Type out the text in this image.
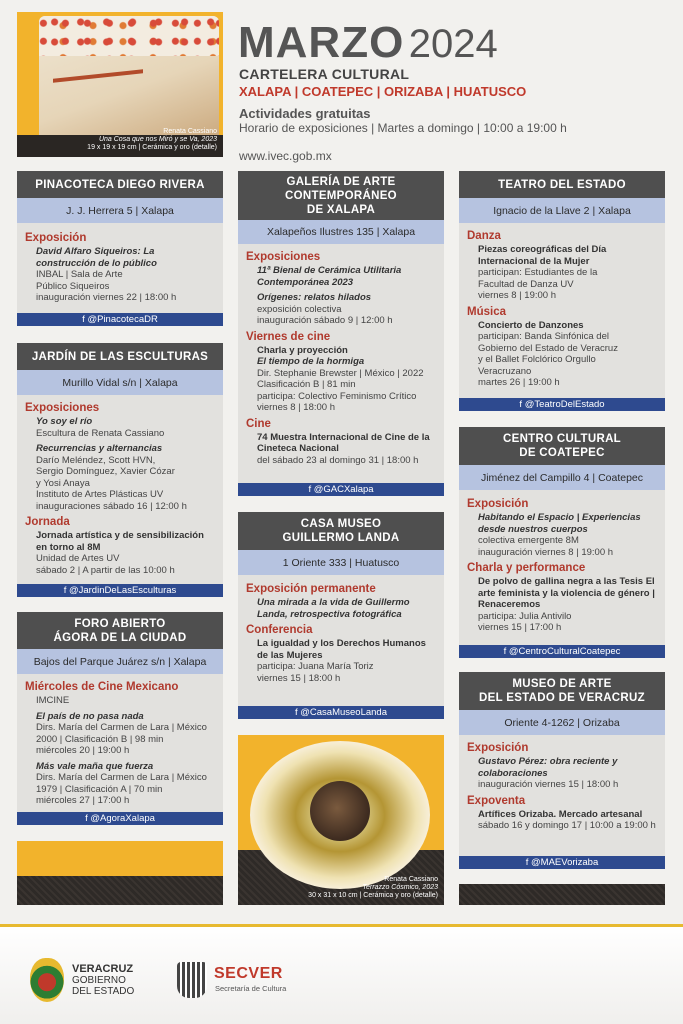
Renata Cassiano
Una Cosa que nos Miró y se Va, 2023
19 x 19 x 19 cm | Cerámica y oro (detalle)
MARZO 2024
CARTELERA CULTURAL
XALAPA | COATEPEC | ORIZABA | HUATUSCO
Actividades gratuitas
Horario de exposiciones | Martes a domingo | 10:00 a 19:00 h
www.ivec.gob.mx
PINACOTECA DIEGO RIVERA
J. J. Herrera 5 | Xalapa
Exposición
David Alfaro Siqueiros: La construcción de lo público
INBAL | Sala de Arte
Público Siqueiros
inauguración viernes 22 | 18:00 h
f @PinacotecaDR
JARDÍN DE LAS ESCULTURAS
Murillo Vidal s/n | Xalapa
Exposiciones
Yo soy el río
Escultura de Renata Cassiano
Recurrencias y alternancias
Darío Meléndez, Scott HVN,
Sergio Domínguez, Xavier Cózar
y Yosi Anaya
Instituto de Artes Plásticas UV
inauguraciones sábado 16 | 12:00 h
Jornada
Jornada artística y de sensibilización en torno al 8M
Unidad de Artes UV
sábado 2 | A partir de las 10:00 h
f @JardinDeLasEsculturas
FORO ABIERTO
ÁGORA DE LA CIUDAD
Bajos del Parque Juárez s/n | Xalapa
Miércoles de Cine Mexicano
IMCINE
El país de no pasa nada
Dirs. María del Carmen de Lara | México
2000 | Clasificación B | 98 min
miércoles 20 | 19:00 h
Más vale maña que fuerza
Dirs. María del Carmen de Lara | México
1979 | Clasificación A | 70 min
miércoles 27 | 17:00 h
f @AgoraXalapa
GALERÍA DE ARTE
CONTEMPORÁNEO
DE XALAPA
Xalapeños Ilustres 135 | Xalapa
Exposiciones
11ª Bienal de Cerámica Utilitaria Contemporánea 2023
Orígenes: relatos hilados
exposición colectiva
inauguración sábado 9 | 12:00 h
Viernes de cine
Charla y proyección
El tiempo de la hormiga
Dir. Stephanie Brewster | México | 2022
Clasificación B | 81 min
participa: Colectivo Feminismo Crítico
viernes 8 | 18:00 h
Cine
74 Muestra Internacional de Cine de la Cineteca Nacional
del sábado 23 al domingo 31 | 18:00 h
f @GACXalapa
CASA MUSEO
GUILLERMO LANDA
1 Oriente 333 | Huatusco
Exposición permanente
Una mirada a la vida de Guillermo Landa, retrospectiva fotográfica
Conferencia
La igualdad y los Derechos Humanos de las Mujeres
participa: Juana María Toriz
viernes 15 | 18:00 h
f @CasaMuseoLanda
Renata Cassiano
Terrazzo Cósmico, 2023
30 x 31 x 10 cm | Cerámica y oro (detalle)
TEATRO DEL ESTADO
Ignacio de la Llave 2 | Xalapa
Danza
Piezas coreográficas del Día Internacional de la Mujer
participan: Estudiantes de la
Facultad de Danza UV
viernes 8 | 19:00 h
Música
Concierto de Danzones
participan: Banda Sinfónica del
Gobierno del Estado de Veracruz
y el Ballet Folclórico Orgullo
Veracruzano
martes 26 | 19:00 h
f @TeatroDelEstado
CENTRO CULTURAL
DE COATEPEC
Jiménez del Campillo 4 | Coatepec
Exposición
Habitando el Espacio | Experiencias desde nuestros cuerpos
colectiva emergente 8M
inauguración viernes 8 | 19:00 h
Charla y performance
De polvo de gallina negra a las Tesis El arte feminista y la violencia de género | Renaceremos
participa: Julia Antivilo
viernes 15 | 17:00 h
f @CentroCulturalCoatepec
MUSEO DE ARTE
DEL ESTADO DE VERACRUZ
Oriente 4-1262 | Orizaba
Exposición
Gustavo Pérez: obra reciente y colaboraciones
inauguración viernes 15 | 18:00 h
Expoventa
Artífices Orizaba. Mercado artesanal
sábado 16 y domingo 17 | 10:00 a 19:00 h
f @MAEVorizaba
VERACRUZ
GOBIERNO
DEL ESTADO
SECVER
Secretaría de Cultura
